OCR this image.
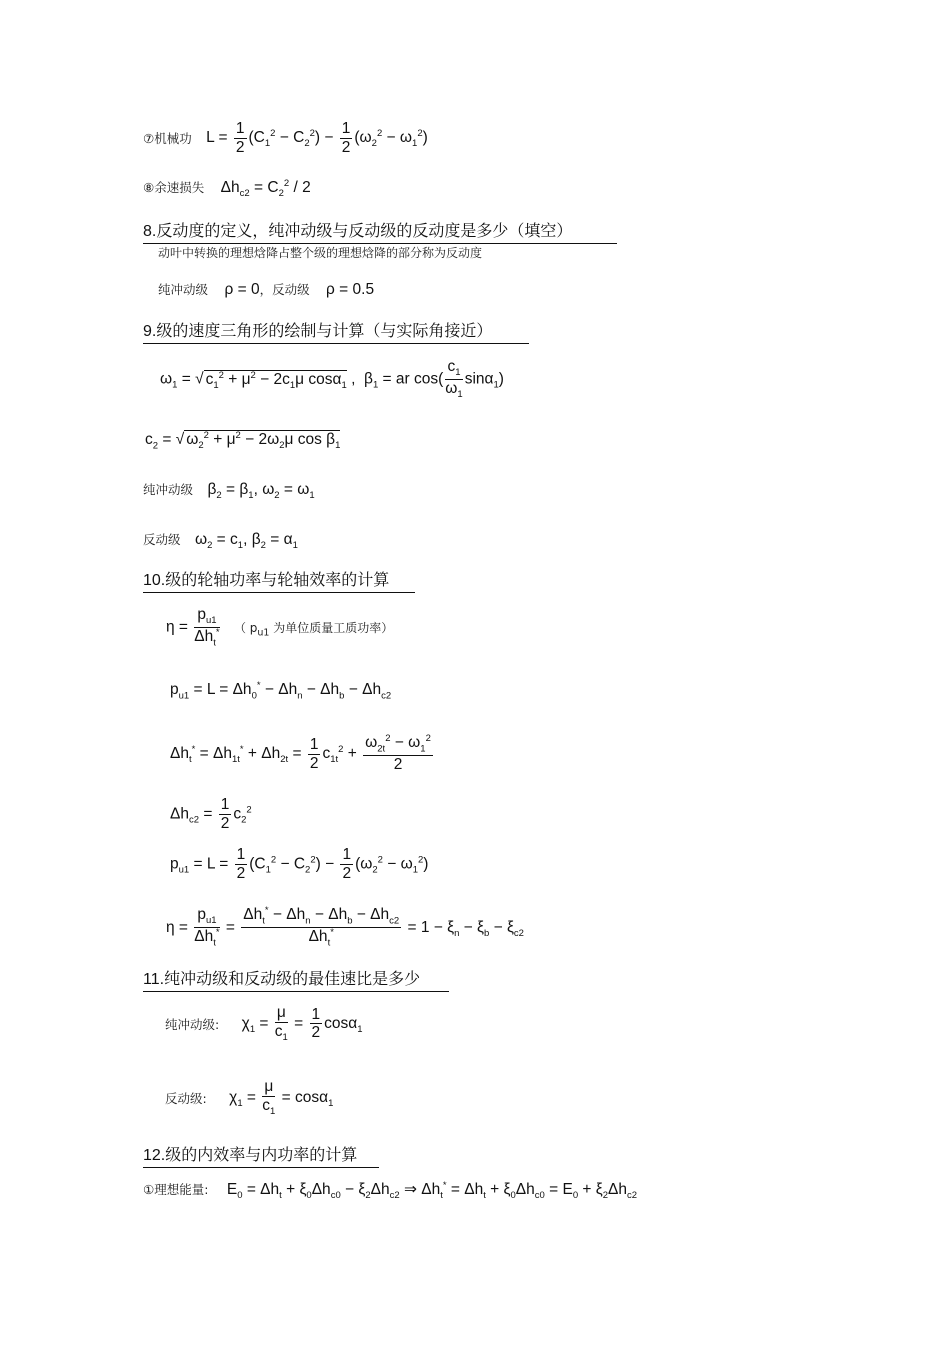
⑦机械功 $L = \frac{1}{2} (C_1^2 - C_2^2) - \frac{1}{2} (\omega_2^2 - \omega_1^2)$
⑧余速损失 $\Delta h_{c2} = C_2^2 / 2$
8.反动度的定义，纯冲动级与反动级的反动度是多少（填空）
动叶中转换的理想焓降占整个级的理想焓降的部分称为反动度
纯冲动级 ρ = 0，反动级 ρ = 0.5
9.级的速度三角形的绘制与计算（与实际角接近）
$\omega_1$ = √ $c_1^2 + \mu^2 - 2c_1\mu$ cosα$_1$ ,  $\beta_1$ = ar $\cos( \frac{c_1}{\omega_1} \sin\alpha_1)$
$c_2$ = √ $\omega_2^2 + \mu^2 - 2\omega_2\mu$ $\cos \beta_1$
纯冲动级 $\beta_2 = \beta_1$, $\omega_2 = \omega_1$
反动级 $\omega_2 = c_1$, $\beta_2 = \alpha_1$
10.级的轮轴功率与轮轴效率的计算
η =
$p_{u1}$
$\Delta h_t^*$ （ $p_{u1}$ 为单位质量工质功率）
$p_{u1} = L = \Delta h_0^* - \Delta h_n - \Delta h_b - \Delta h_{c2}$
$\Delta h_t^* = \Delta h_{1t}^* + \Delta h_{2t} = \frac{1}{2} c_{1t}^2 + \frac{\omega_{2t}^2 - \omega_1^2}{2}$
$\Delta h_{c2} = \frac{1}{2} c_2^2$
$p_{u1} = L = \frac{1}{2} (C_1^2 - C_2^2) - \frac{1}{2} (\omega_2^2 - \omega_1^2)$
η =
$p_{u1}$
$\Delta h_t^*$ =
$\Delta h_t^* - \Delta h_n - \Delta h_b - \Delta h_{c2}$
$\Delta h_t^*$	= $1 - \xi_n - \xi_b - \xi_{c2}$
11.纯冲动级和反动级的最佳速比是多少
纯冲动级: $\chi_1 = \frac{\mu}{c_1} = \frac{1}{2} \cos\alpha_1$
反动级: $\chi_1 = \frac{\mu}{c_1} = \cos\alpha_1$
12.级的内效率与内功率的计算
①理想能量: $E_0 = \Delta h_t + \xi_0\Delta h_{c0} - \xi_2\Delta h_{c2}$ ⇒ $\Delta h_t^* = \Delta h_t + \xi_0\Delta h_{c0} = E_0 + \xi_2\Delta h_{c2}$
